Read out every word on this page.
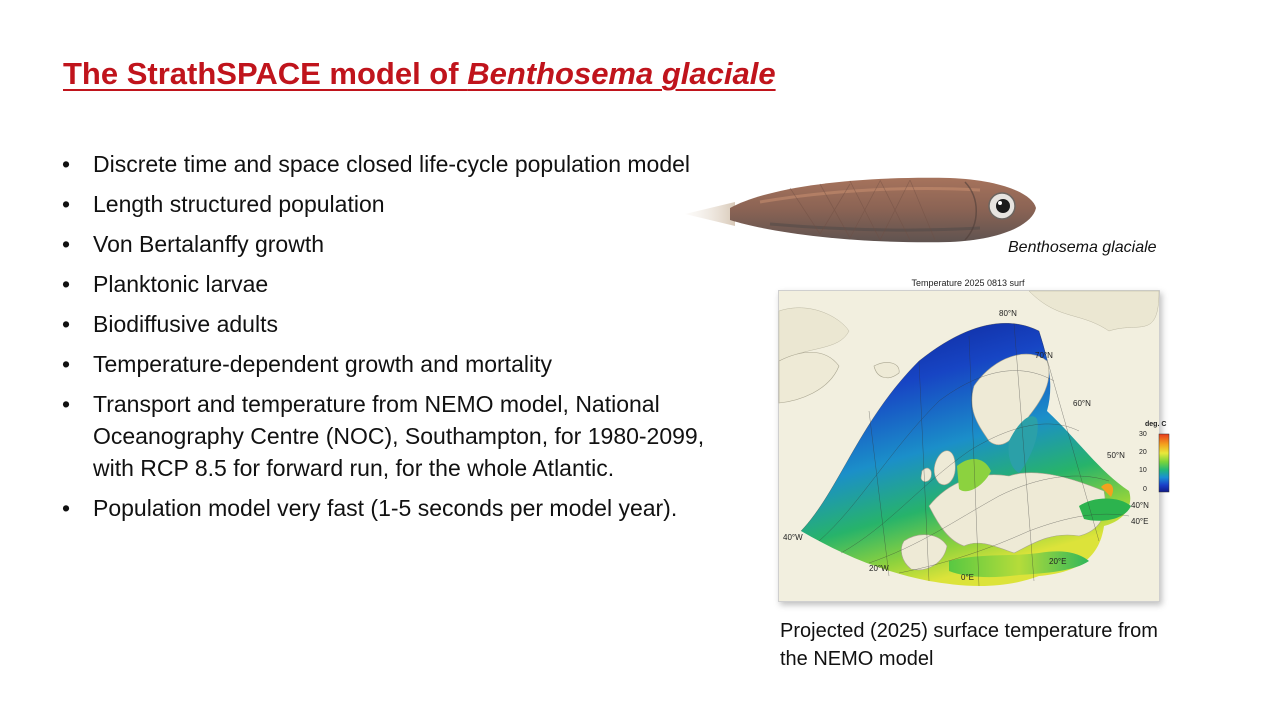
The StrathSPACE model of Benthosema glaciale
• Discrete time and space closed life-cycle population model
• Length structured population
• Von Bertalanffy growth
• Planktonic larvae
• Biodiffusive adults
• Temperature-dependent growth and mortality
• Transport and temperature from NEMO model, National Oceanography Centre (NOC), Southampton, for 1980-2099, with RCP 8.5 for forward run, for the whole Atlantic.
• Population model very fast (1-5 seconds per model year).
Benthosema glaciale
Temperature 2025 0813 surf
deg. C
30
20
10
0
80°N
70°N
60°N
50°N
40°N
40°W
20°W
0°E
20°E
40°E
Projected (2025) surface temperature from the NEMO model
